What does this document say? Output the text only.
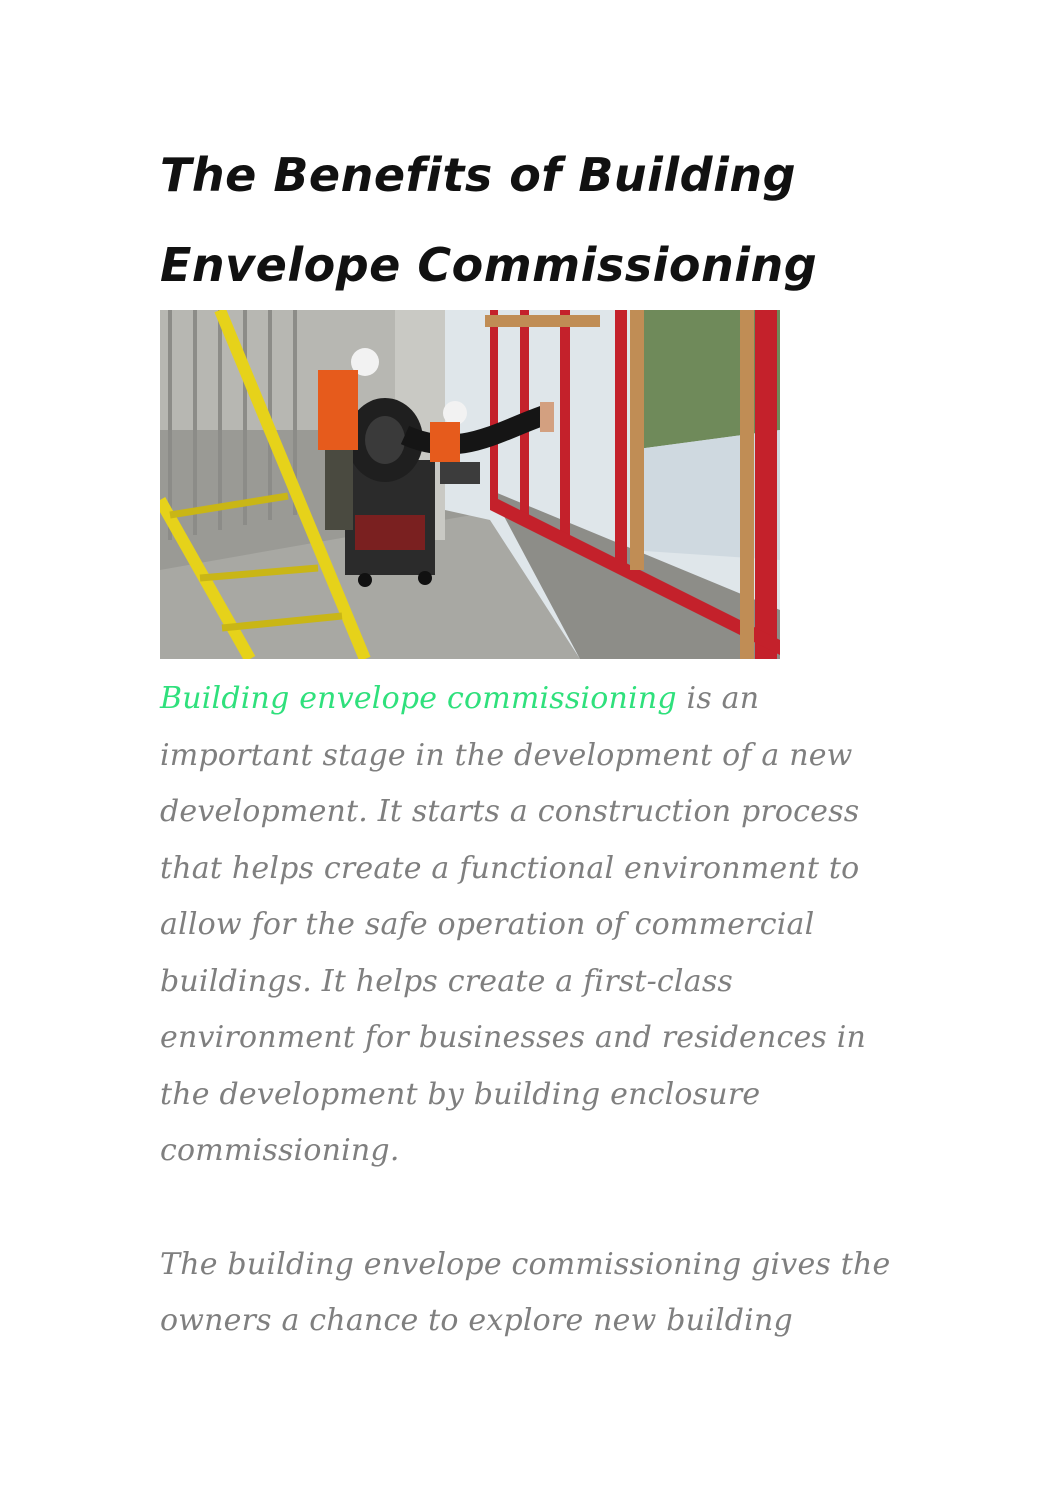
The Benefits of Building
Envelope Commissioning

Building envelope commissioning is an important stage in the development of a new development. It starts a construction process that helps create a functional environment to allow for the safe operation of commercial buildings. It helps create a first-class environment for businesses and residences in the development by building enclosure commissioning.

The building envelope commissioning gives the owners a chance to explore new building
